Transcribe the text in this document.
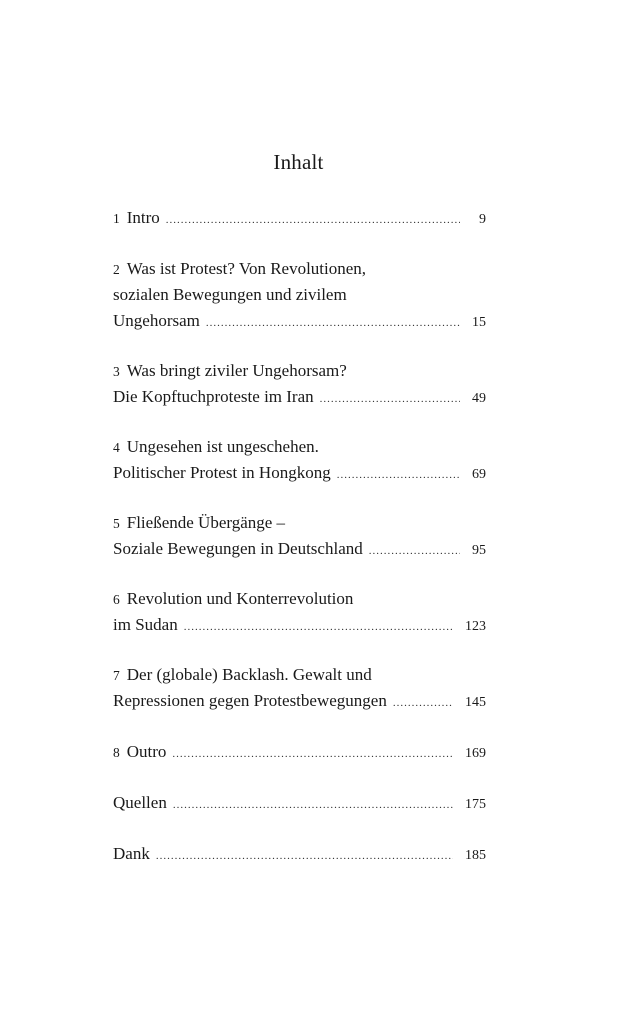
Inhalt
1 Intro .....	9
2 Was ist Protest? Von Revolutionen,
sozialen Bewegungen und zivilem
Ungehorsam .....	15
3 Was bringt ziviler Ungehorsam?
Die Kopftuchproteste im Iran .....	49
4 Ungesehen ist ungeschehen.
Politischer Protest in Hongkong .....	69
5 Fließende Übergänge –
Soziale Bewegungen in Deutschland .....	95
6 Revolution und Konterrevolution
im Sudan .....	123
7 Der (globale) Backlash. Gewalt und
Repressionen gegen Protestbewegungen .....	145
8 Outro .....	169
Quellen .....	175
Dank .....	185
